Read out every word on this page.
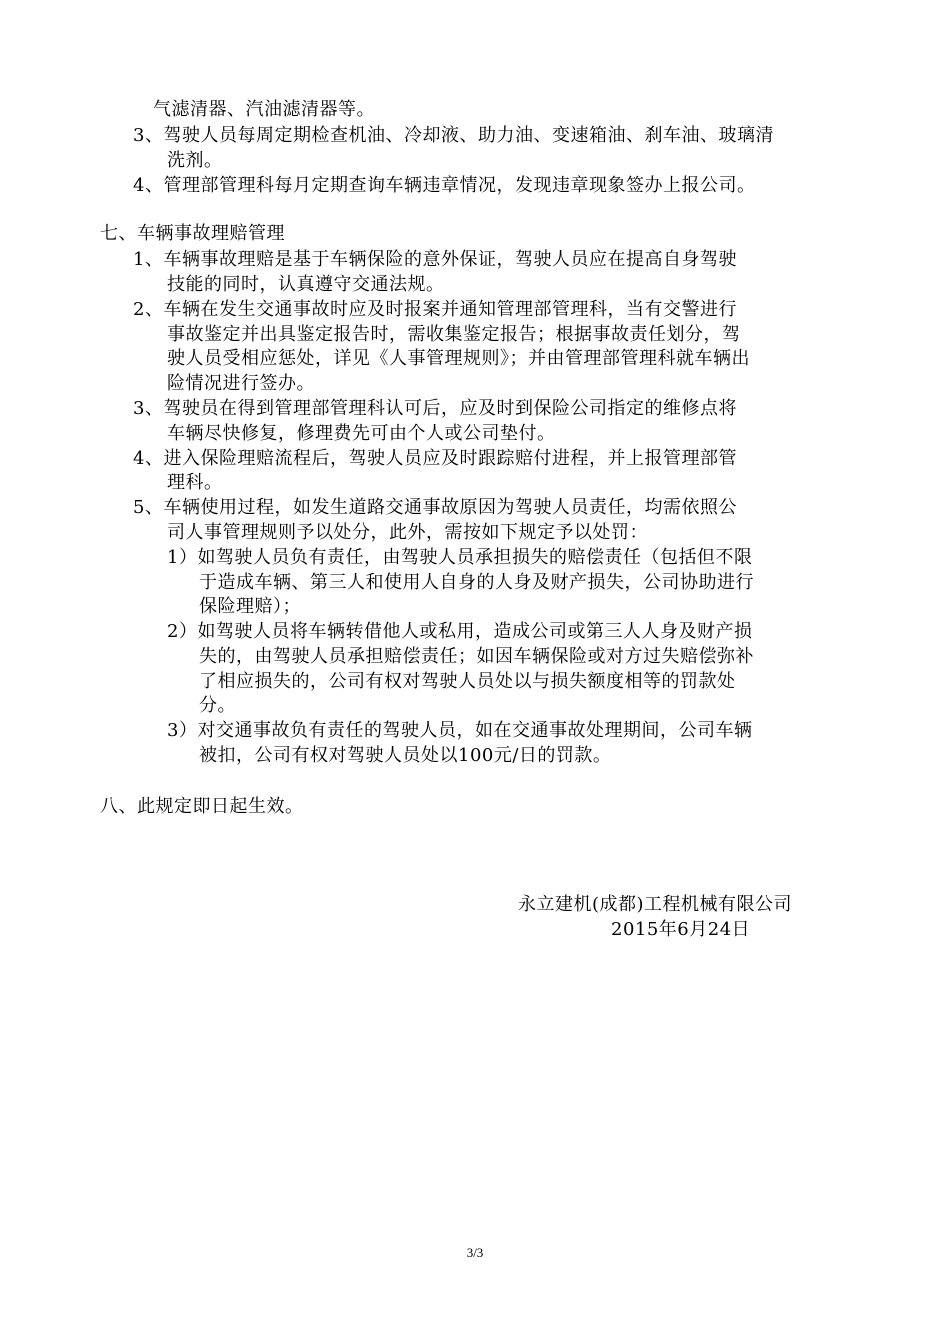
气滤清器、汽油滤清器等。
3、驾驶人员每周定期检查机油、冷却液、助力油、变速箱油、刹车油、玻璃清
洗剂。
4、管理部管理科每月定期查询车辆违章情况，发现违章现象签办上报公司。
七、车辆事故理赔管理
1、车辆事故理赔是基于车辆保险的意外保证，驾驶人员应在提高自身驾驶
技能的同时，认真遵守交通法规。
2、车辆在发生交通事故时应及时报案并通知管理部管理科，当有交警进行
事故鉴定并出具鉴定报告时，需收集鉴定报告；根据事故责任划分，驾
驶人员受相应惩处，详见《人事管理规则》；并由管理部管理科就车辆出
险情况进行签办。
3、驾驶员在得到管理部管理科认可后，应及时到保险公司指定的维修点将
车辆尽快修复，修理费先可由个人或公司垫付。
4、进入保险理赔流程后，驾驶人员应及时跟踪赔付进程，并上报管理部管
理科。
5、车辆使用过程，如发生道路交通事故原因为驾驶人员责任，均需依照公
司人事管理规则予以处分，此外，需按如下规定予以处罚：
1）如驾驶人员负有责任，由驾驶人员承担损失的赔偿责任（包括但不限
于造成车辆、第三人和使用人自身的人身及财产损失，公司协助进行
保险理赔）；
2）如驾驶人员将车辆转借他人或私用，造成公司或第三人人身及财产损
失的，由驾驶人员承担赔偿责任；如因车辆保险或对方过失赔偿弥补
了相应损失的，公司有权对驾驶人员处以与损失额度相等的罚款处
分。
3）对交通事故负有责任的驾驶人员，如在交通事故处理期间，公司车辆
被扣，公司有权对驾驶人员处以100元/日的罚款。
八、此规定即日起生效。
永立建机(成都)工程机械有限公司
2015年6月24日
3/3
